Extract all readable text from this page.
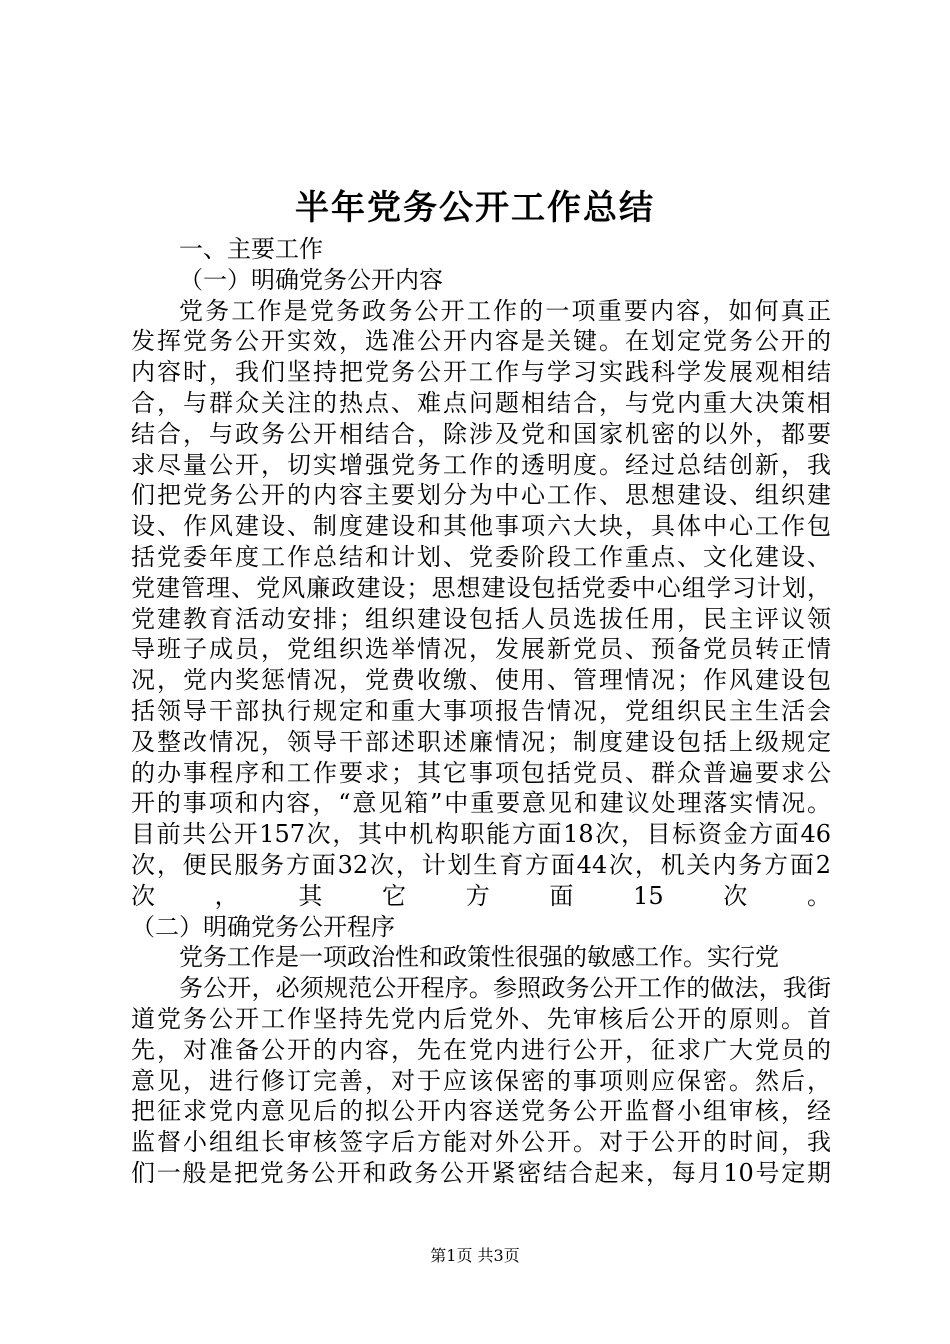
半年党务公开工作总结
一、主要工作
（一）明确党务公开内容
党务工作是党务政务公开工作的一项重要内容，如何真正
发挥党务公开实效，选准公开内容是关键。在划定党务公开的
内容时，我们坚持把党务公开工作与学习实践科学发展观相结
合，与群众关注的热点、难点问题相结合，与党内重大决策相
结合，与政务公开相结合，除涉及党和国家机密的以外，都要
求尽量公开，切实增强党务工作的透明度。经过总结创新，我
们把党务公开的内容主要划分为中心工作、思想建设、组织建
设、作风建设、制度建设和其他事项六大块，具体中心工作包
括党委年度工作总结和计划、党委阶段工作重点、文化建设、
党建管理、党风廉政建设；思想建设包括党委中心组学习计划，
党建教育活动安排；组织建设包括人员选拔任用，民主评议领
导班子成员，党组织选举情况，发展新党员、预备党员转正情
况，党内奖惩情况，党费收缴、使用、管理情况；作风建设包
括领导干部执行规定和重大事项报告情况，党组织民主生活会
及整改情况，领导干部述职述廉情况；制度建设包括上级规定
的办事程序和工作要求；其它事项包括党员、群众普遍要求公
开的事项和内容，“意见箱”中重要意见和建议处理落实情况。
目前共公开157次，其中机构职能方面18次，目标资金方面46
次，便民服务方面32次，计划生育方面44次，机关内务方面2
次，其它方面15次。
（二）明确党务公开程序
党务工作是一项政治性和政策性很强的敏感工作。实行党
务公开，必须规范公开程序。参照政务公开工作的做法，我街
道党务公开工作坚持先党内后党外、先审核后公开的原则。首
先，对准备公开的内容，先在党内进行公开，征求广大党员的
意见，进行修订完善，对于应该保密的事项则应保密。然后，
把征求党内意见后的拟公开内容送党务公开监督小组审核，经
监督小组组长审核签字后方能对外公开。对于公开的时间，我
们一般是把党务公开和政务公开紧密结合起来，每月10号定期
第1页 共3页
